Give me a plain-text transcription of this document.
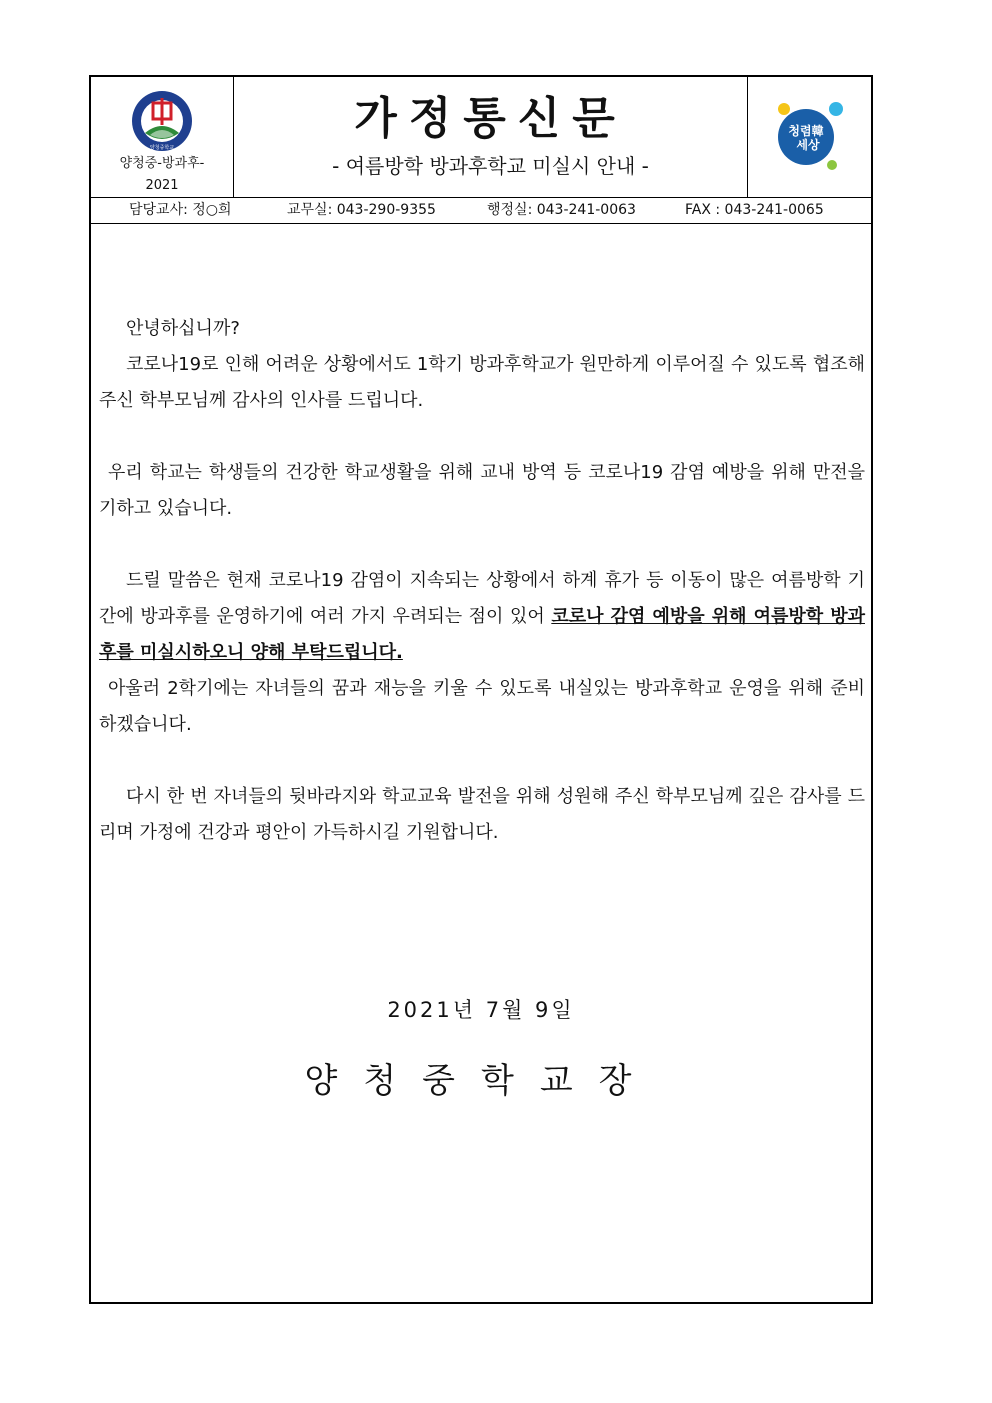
양청중학교
양청중-방과후-
2021
가정통신문
- 여름방학 방과후학교 미실시 안내 -
청렴韓
세상
담당교사: 정○희	교무실: 043-290-9355	행정실: 043-241-0063	FAX : 043-241-0065

안녕하십니까?

코로나19로 인해 어려운 상황에서도 1학기 방과후학교가 원만하게 이루어질 수 있도록 협조해 주신 학부모님께 감사의 인사를 드립니다.

우리 학교는 학생들의 건강한 학교생활을 위해 교내 방역 등 코로나19 감염 예방을 위해 만전을 기하고 있습니다.

드릴 말씀은 현재 코로나19 감염이 지속되는 상황에서 하계 휴가 등 이동이 많은 여름방학 기간에 방과후를 운영하기에 여러 가지 우려되는 점이 있어 코로나 감염 예방을 위해 여름방학 방과후를 미실시하오니 양해 부탁드립니다.

아울러 2학기에는 자녀들의 꿈과 재능을 키울 수 있도록 내실있는 방과후학교 운영을 위해 준비하겠습니다.

다시 한 번 자녀들의 뒷바라지와 학교교육 발전을 위해 성원해 주신 학부모님께 깊은 감사를 드리며 가정에 건강과 평안이 가득하시길 기원합니다.

2021년 7월 9일
양청중학교장
